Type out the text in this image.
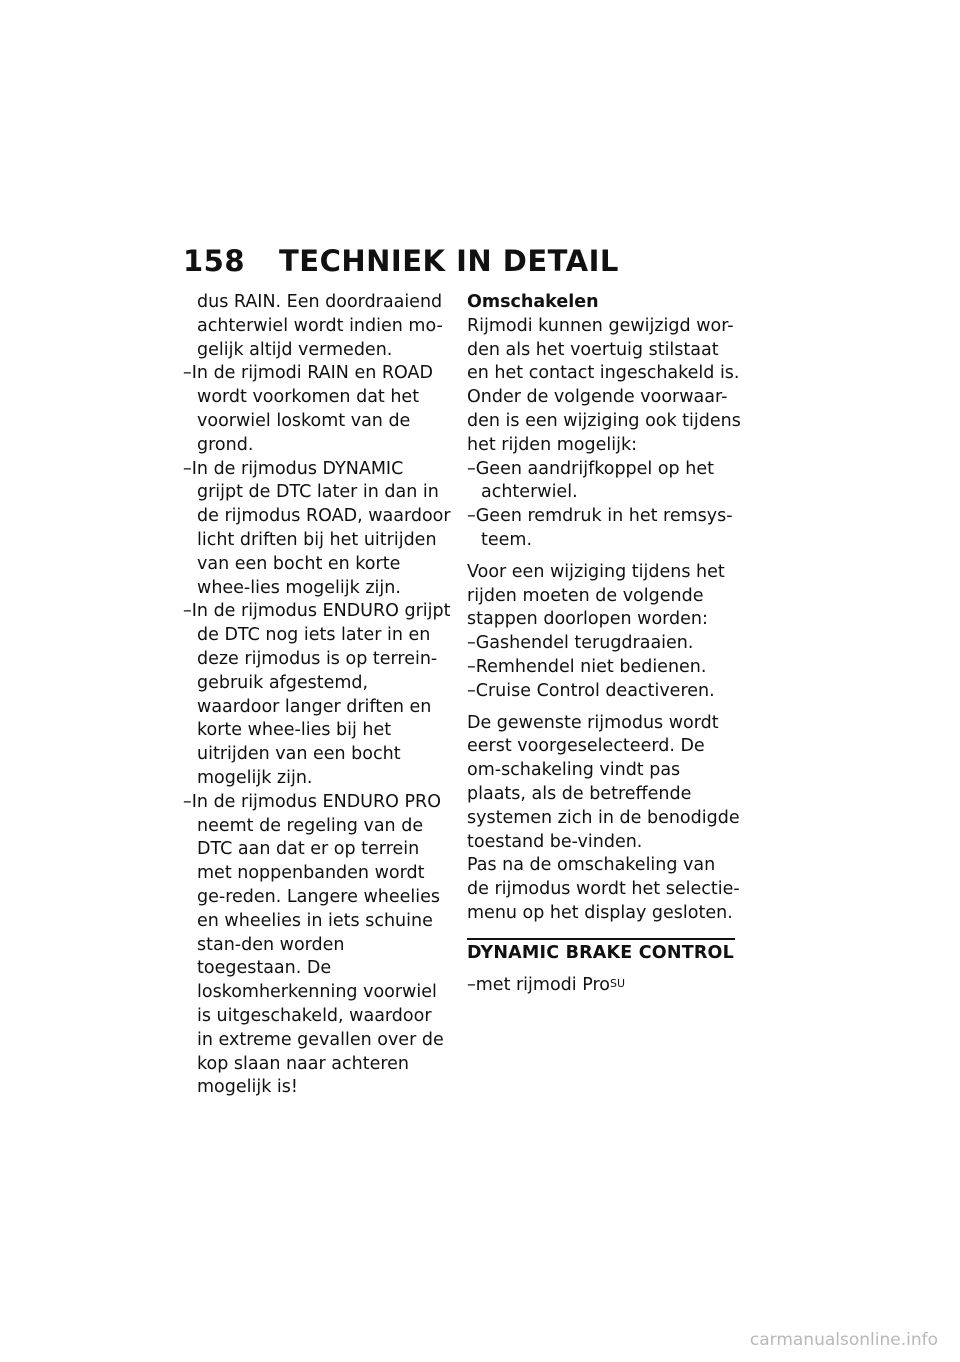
158 TECHNIEK IN DETAIL
dus RAIN. Een doordraaiend achterwiel wordt indien mo-gelijk altijd vermeden.
–In de rijmodi RAIN en ROAD wordt voorkomen dat het voorwiel loskomt van de grond.
–In de rijmodus DYNAMIC grijpt de DTC later in dan in de rijmodus ROAD, waardoor licht driften bij het uitrijden van een bocht en korte whee-lies mogelijk zijn.
–In de rijmodus ENDURO grijpt de DTC nog iets later in en deze rijmodus is op terrein-gebruik afgestemd, waardoor langer driften en korte whee-lies bij het uitrijden van een bocht mogelijk zijn.
–In de rijmodus ENDURO PRO neemt de regeling van de DTC aan dat er op terrein met noppenbanden wordt ge-reden. Langere wheelies en wheelies in iets schuine stan-den worden toegestaan. De loskomherkenning voorwiel is uitgeschakeld, waardoor in extreme gevallen over de kop slaan naar achteren mogelijk is!
Omschakelen
Rijmodi kunnen gewijzigd wor-den als het voertuig stilstaat en het contact ingeschakeld is. Onder de volgende voorwaar-den is een wijziging ook tijdens het rijden mogelijk:
–Geen aandrijfkoppel op het achterwiel.
–Geen remdruk in het remsys-teem.
Voor een wijziging tijdens het rijden moeten de volgende stappen doorlopen worden:
–Gashendel terugdraaien.
–Remhendel niet bedienen.
–Cruise Control deactiveren.
De gewenste rijmodus wordt eerst voorgeselecteerd. De om-schakeling vindt pas plaats, als de betreffende systemen zich in de benodigde toestand be-vinden.
Pas na de omschakeling van de rijmodus wordt het selectie-menu op het display gesloten.
DYNAMIC BRAKE CONTROL
–met rijmodi Pro$^{SU}$
carmanualsonline.info
